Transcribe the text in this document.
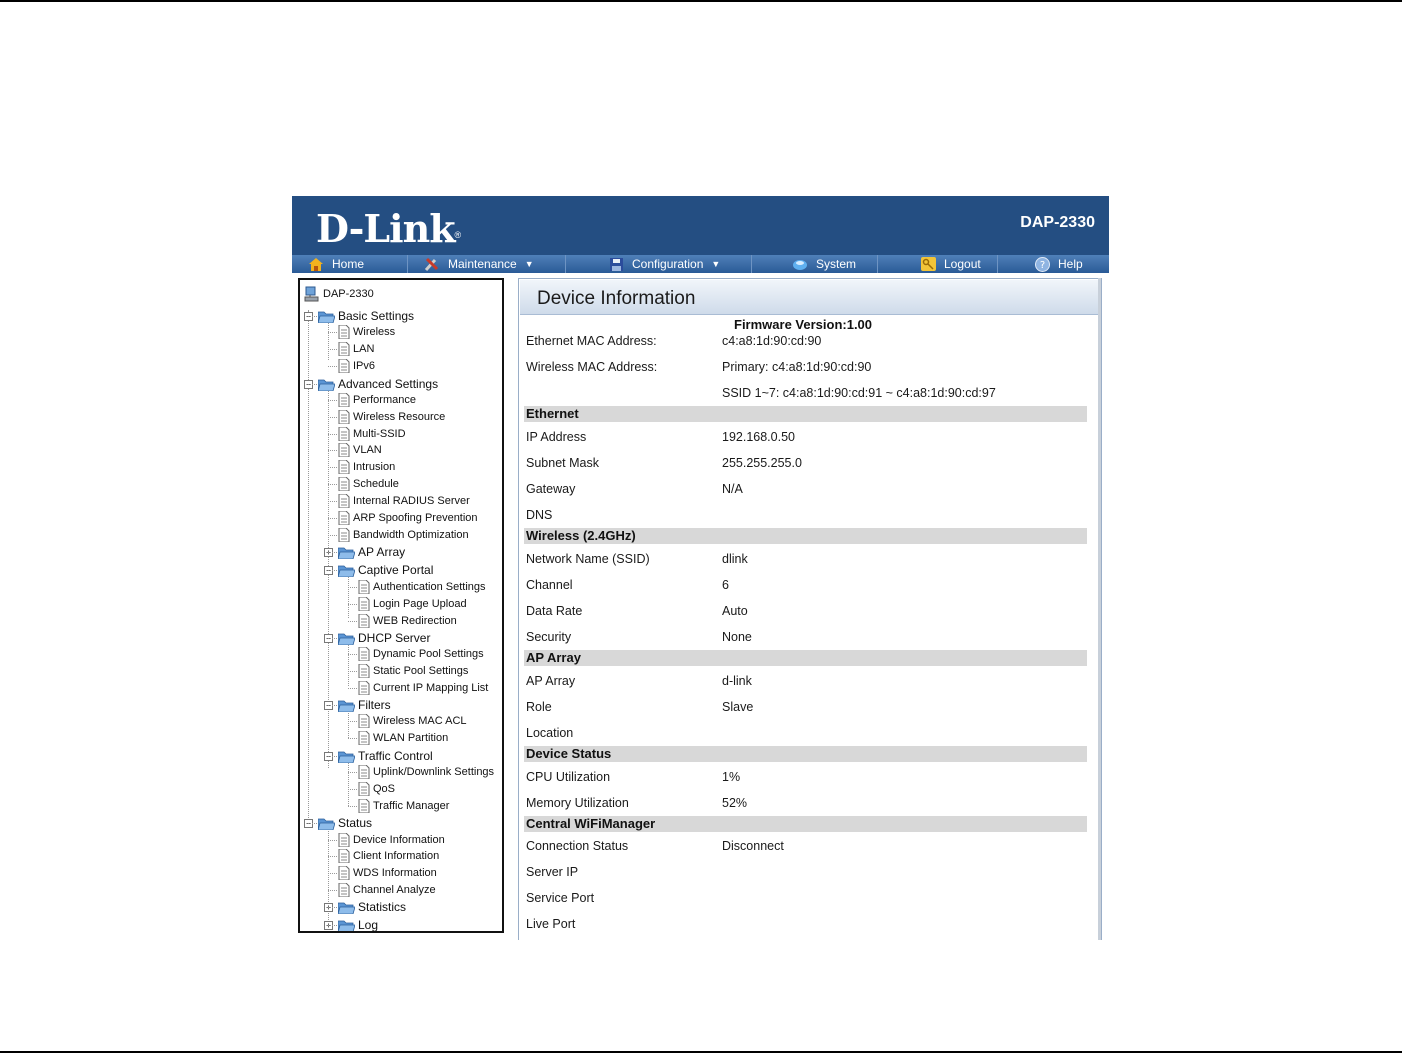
D-Link®
DAP-2330
Home	Maintenance ▼	Configuration ▼	System	Logout	? Help
DAP-2330
− Basic Settings
Wireless
LAN
IPv6
− Advanced Settings
Performance
Wireless Resource
Multi-SSID
VLAN
Intrusion
Schedule
Internal RADIUS Server
ARP Spoofing Prevention
Bandwidth Optimization
+ AP Array
− Captive Portal
Authentication Settings
Login Page Upload
WEB Redirection
− DHCP Server
Dynamic Pool Settings
Static Pool Settings
Current IP Mapping List
− Filters
Wireless MAC ACL
WLAN Partition
− Traffic Control
Uplink/Downlink Settings
QoS
Traffic Manager
− Status
Device Information
Client Information
WDS Information
Channel Analyze
+ Statistics
+ Log
Device Information
Firmware Version:1.00
Ethernet MAC Address:	c4:a8:1d:90:cd:90
Wireless MAC Address:	Primary: c4:a8:1d:90:cd:90
SSID 1~7: c4:a8:1d:90:cd:91 ~ c4:a8:1d:90:cd:97
Ethernet
IP Address	192.168.0.50
Subnet Mask	255.255.255.0
Gateway	N/A
DNS
Wireless (2.4GHz)
Network Name (SSID)	dlink
Channel	6
Data Rate	Auto
Security	None
AP Array
AP Array	d-link
Role	Slave
Location
Device Status
CPU Utilization	1%
Memory Utilization	52%
Central WiFiManager
Connection Status	Disconnect
Server IP
Service Port
Live Port
